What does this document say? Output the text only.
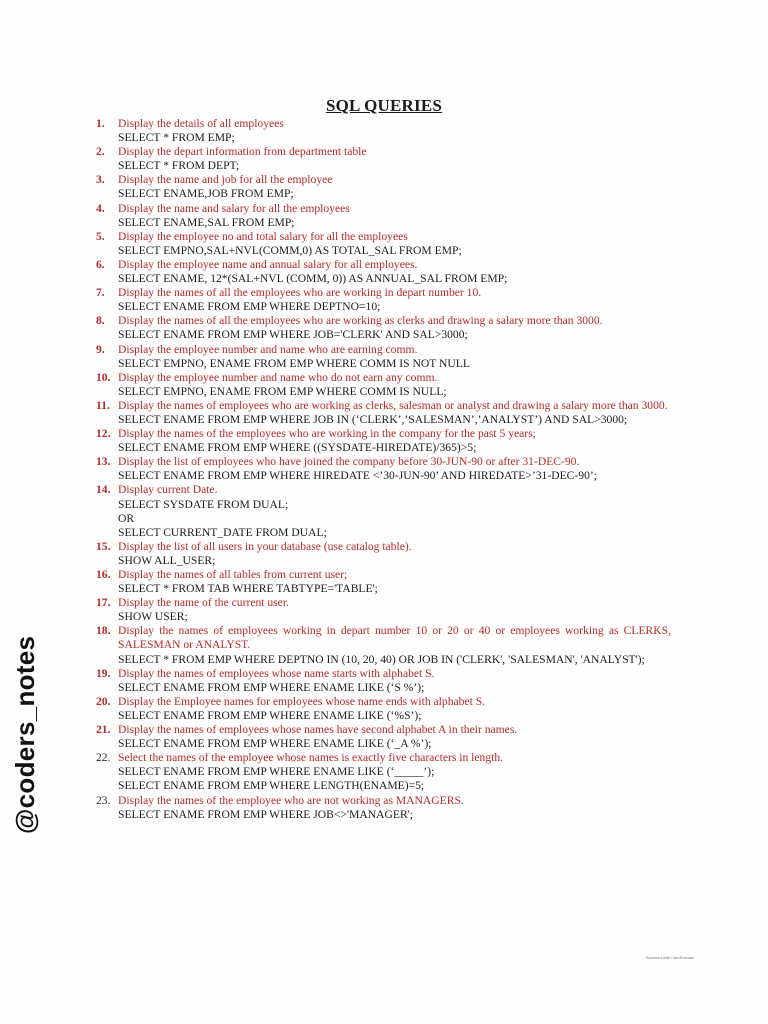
SQL QUERIES
1.	Display the details of all employees
SELECT * FROM EMP;
2.	Display the depart information from department table
SELECT * FROM DEPT;
3.	Display the name and job for all the employee
SELECT ENAME,JOB FROM EMP;
4.	Display the name and salary for all the employees
SELECT ENAME,SAL FROM EMP;
5.	Display the employee no and total salary for all the employees
SELECT EMPNO,SAL+NVL(COMM,0) AS TOTAL_SAL FROM EMP;
6.	Display the employee name and annual salary for all employees.
SELECT ENAME, 12*(SAL+NVL (COMM, 0)) AS ANNUAL_SAL FROM EMP;
7.	Display the names of all the employees who are working in depart number 10.
SELECT ENAME FROM EMP WHERE DEPTNO=10;
8.	Display the names of all the employees who are working as clerks and drawing a salary more than 3000.
SELECT ENAME FROM EMP WHERE JOB='CLERK' AND SAL>3000;
9.	Display the employee number and name who are earning comm.
SELECT EMPNO, ENAME FROM EMP WHERE COMM IS NOT NULL
10. Display the employee number and name who do not earn any comm.
SELECT EMPNO, ENAME FROM EMP WHERE COMM IS NULL;
11. Display the names of employees who are working as clerks, salesman or analyst and drawing a salary more than 3000.
SELECT ENAME FROM EMP WHERE JOB IN (‘CLERK’,’SALESMAN’,’ANALYST’) AND SAL>3000;
12. Display the names of the employees who are working in the company for the past 5 years;
SELECT ENAME FROM EMP WHERE ((SYSDATE-HIREDATE)/365)>5;
13. Display the list of employees who have joined the company before 30-JUN-90 or after 31-DEC-90.
SELECT ENAME FROM EMP WHERE HIREDATE <’30-JUN-90’ AND HIREDATE>’31-DEC-90’;
14. Display current Date.
SELECT SYSDATE FROM DUAL;
OR
SELECT CURRENT_DATE FROM DUAL;
15. Display the list of all users in your database (use catalog table).
SHOW ALL_USER;
16. Display the names of all tables from current user;
SELECT * FROM TAB WHERE TABTYPE='TABLE';
17. Display the name of the current user.
SHOW USER;
18. Display the names of employees working in depart number 10 or 20 or 40 or employees working as CLERKS, SALESMAN or ANALYST.
SELECT * FROM EMP WHERE DEPTNO IN (10, 20, 40) OR JOB IN ('CLERK', 'SALESMAN', 'ANALYST');
19. Display the names of employees whose name starts with alphabet S.
SELECT ENAME FROM EMP WHERE ENAME LIKE (‘S %’);
20. Display the Employee names for employees whose name ends with alphabet S.
SELECT ENAME FROM EMP WHERE ENAME LIKE (‘%S’);
21. Display the names of employees whose names have second alphabet A in their names.
SELECT ENAME FROM EMP WHERE ENAME LIKE (‘_A %’);
22. Select the names of the employee whose names is exactly five characters in length.
SELECT ENAME FROM EMP WHERE ENAME LIKE (‘_____’);
SELECT ENAME FROM EMP WHERE LENGTH(ENAME)=5;
23. Display the names of the employee who are not working as MANAGERS.
SELECT ENAME FROM EMP WHERE JOB<>'MANAGER';
@coders_notes
Scanned with CamScanner
